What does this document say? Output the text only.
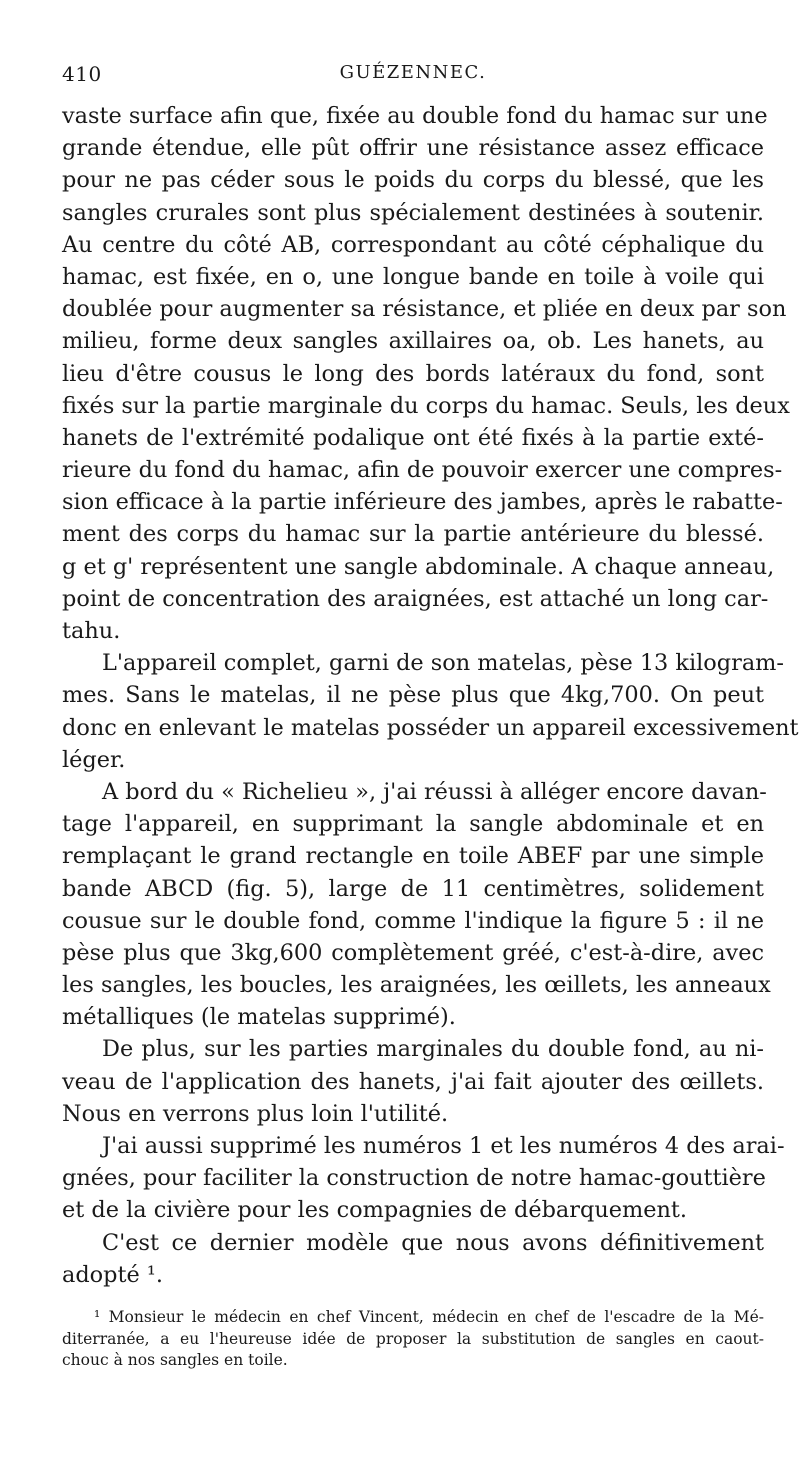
410	GUÉZENNEC.
vaste surface afin que, fixée au double fond du hamac sur une
grande étendue, elle pût offrir une résistance assez efficace
pour ne pas céder sous le poids du corps du blessé, que les
sangles crurales sont plus spécialement destinées à soutenir.
Au centre du côté AB, correspondant au côté céphalique du
hamac, est fixée, en o, une longue bande en toile à voile qui
doublée pour augmenter sa résistance, et pliée en deux par son
milieu, forme deux sangles axillaires oa, ob. Les hanets, au
lieu d'être cousus le long des bords latéraux du fond, sont
fixés sur la partie marginale du corps du hamac. Seuls, les deux
hanets de l'extrémité podalique ont été fixés à la partie exté-
rieure du fond du hamac, afin de pouvoir exercer une compres-
sion efficace à la partie inférieure des jambes, après le rabatte-
ment des corps du hamac sur la partie antérieure du blessé.
g et g' représentent une sangle abdominale. A chaque anneau,
point de concentration des araignées, est attaché un long car-
tahu.
L'appareil complet, garni de son matelas, pèse 13 kilogram-
mes. Sans le matelas, il ne pèse plus que 4kg,700. On peut
donc en enlevant le matelas posséder un appareil excessivement
léger.
A bord du « Richelieu », j'ai réussi à alléger encore davan-
tage l'appareil, en supprimant la sangle abdominale et en
remplaçant le grand rectangle en toile ABEF par une simple
bande ABCD (fig. 5), large de 11 centimètres, solidement
cousue sur le double fond, comme l'indique la figure 5 : il ne
pèse plus que 3kg,600 complètement gréé, c'est-à-dire, avec
les sangles, les boucles, les araignées, les œillets, les anneaux
métalliques (le matelas supprimé).
De plus, sur les parties marginales du double fond, au ni-
veau de l'application des hanets, j'ai fait ajouter des œillets.
Nous en verrons plus loin l'utilité.
J'ai aussi supprimé les numéros 1 et les numéros 4 des arai-
gnées, pour faciliter la construction de notre hamac-gouttière
et de la civière pour les compagnies de débarquement.
C'est ce dernier modèle que nous avons définitivement
adopté ¹.
¹ Monsieur le médecin en chef Vincent, médecin en chef de l'escadre de la Mé-
diterranée, a eu l'heureuse idée de proposer la substitution de sangles en caout-
chouc à nos sangles en toile.
